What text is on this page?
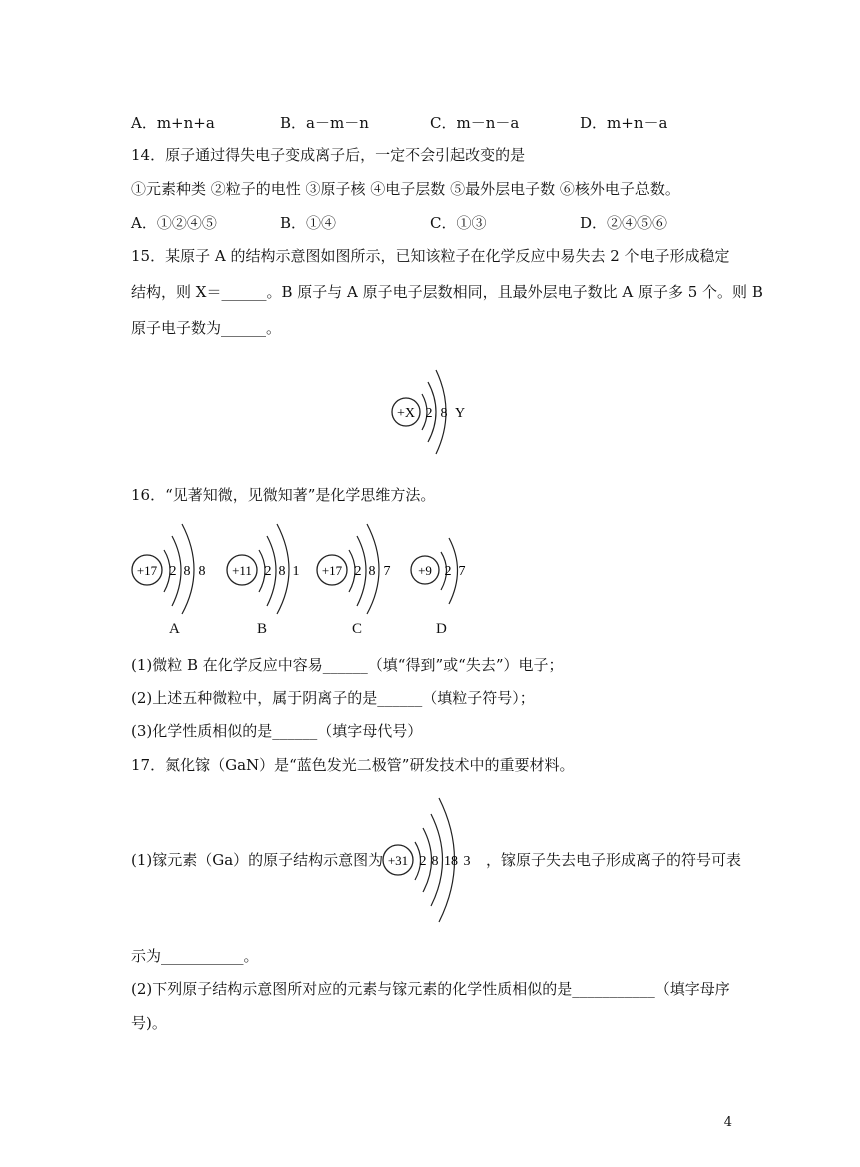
A．m+n+a	B．a－m－n	C．m－n－a	D．m+n－a
14．原子通过得失电子变成离子后，一定不会引起改变的是
①元素种类 ②粒子的电性 ③原子核 ④电子层数 ⑤最外层电子数 ⑥核外电子总数。
A．①②④⑤	B．①④	C．①③	D．②④⑤⑥
15．某原子 A 的结构示意图如图所示，已知该粒子在化学反应中易失去 2 个电子形成稳定
结构，则 X＝______。B 原子与 A 原子电子层数相同，且最外层电子数比 A 原子多 5 个。则 B
原子电子数为______。
+X 2 8 Y
16．“见著知微，见微知著”是化学思维方法。
+17 2 8 8 +11 2 8 1 +17 2 8 7 +9 2 7
A	B	C	D
(1)微粒 B 在化学反应中容易______（填“得到”或“失去”）电子；
(2)上述五种微粒中，属于阴离子的是______（填粒子符号）；
(3)化学性质相似的是______（填字母代号）
17．氮化镓（GaN）是“蓝色发光二极管”研发技术中的重要材料。
(1)镓元素（Ga）的原子结构示意图为 +31 2 8 18 3 ，镓原子失去电子形成离子的符号可表
示为___________。
(2)下列原子结构示意图所对应的元素与镓元素的化学性质相似的是___________（填字母序
号)。
4
